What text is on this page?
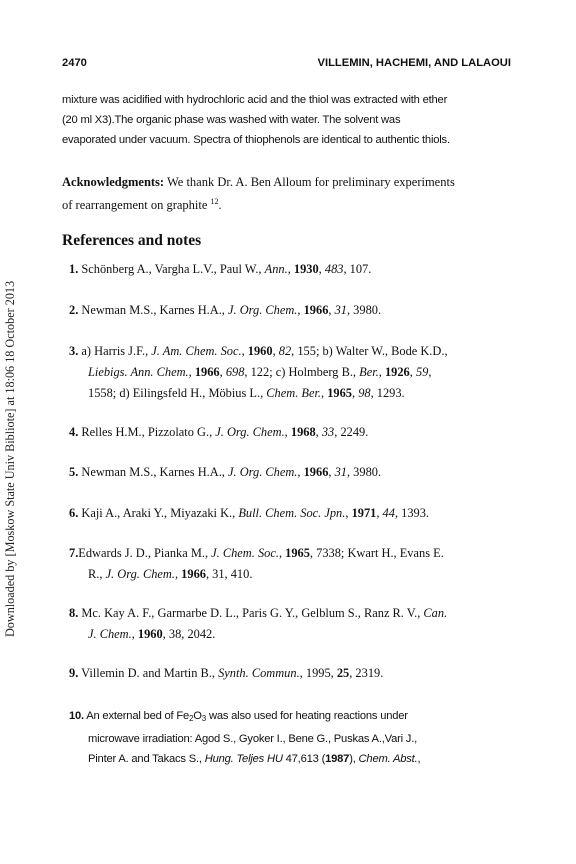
Downloaded by [Moskow State Univ Bibliote] at 18:06 18 October 2013
2470	VILLEMIN, HACHEMI, AND LALAOUI
mixture was acidified with hydrochloric acid and the thiol was extracted with ether
(20 ml X3).The organic phase was washed with water. The solvent was
evaporated under vacuum. Spectra of thiophenols are identical to authentic thiols.
Acknowledgments: We thank Dr. A. Ben Alloum for preliminary experiments
of rearrangement on graphite $^{12}$.
References and notes
1. Schönberg A., Vargha L.V., Paul W., Ann., 1930, 483, 107.
2. Newman M.S., Karnes H.A., J. Org. Chem., 1966, 31, 3980.
3. a) Harris J.F., J. Am. Chem. Soc., 1960, 82, 155; b) Walter W., Bode K.D.,
Liebigs. Ann. Chem., 1966, 698, 122; c) Holmberg B., Ber., 1926, 59,
1558; d) Eilingsfeld H., Möbius L., Chem. Ber., 1965, 98, 1293.
4. Relles H.M., Pizzolato G., J. Org. Chem., 1968, 33, 2249.
5. Newman M.S., Karnes H.A., J. Org. Chem., 1966, 31, 3980.
6. Kaji A., Araki Y., Miyazaki K., Bull. Chem. Soc. Jpn., 1971, 44, 1393.
7.Edwards J. D., Pianka M., J. Chem. Soc., 1965, 7338; Kwart H., Evans E.
R., J. Org. Chem., 1966, 31, 410.
8. Mc. Kay A. F., Garmarbe D. L., Paris G. Y., Gelblum S., Ranz R. V., Can.
J. Chem., 1960, 38, 2042.
9. Villemin D. and Martin B., Synth. Commun., 1995, 25, 2319.
10. An external bed of $Fe_2O_3$ was also used for heating reactions under
microwave irradiation: Agod S., Gyoker I., Bene G., Puskas A.,Vari J.,
Pinter A. and Takacs S., Hung. Teljes HU 47,613 (1987), Chem. Abst.,
